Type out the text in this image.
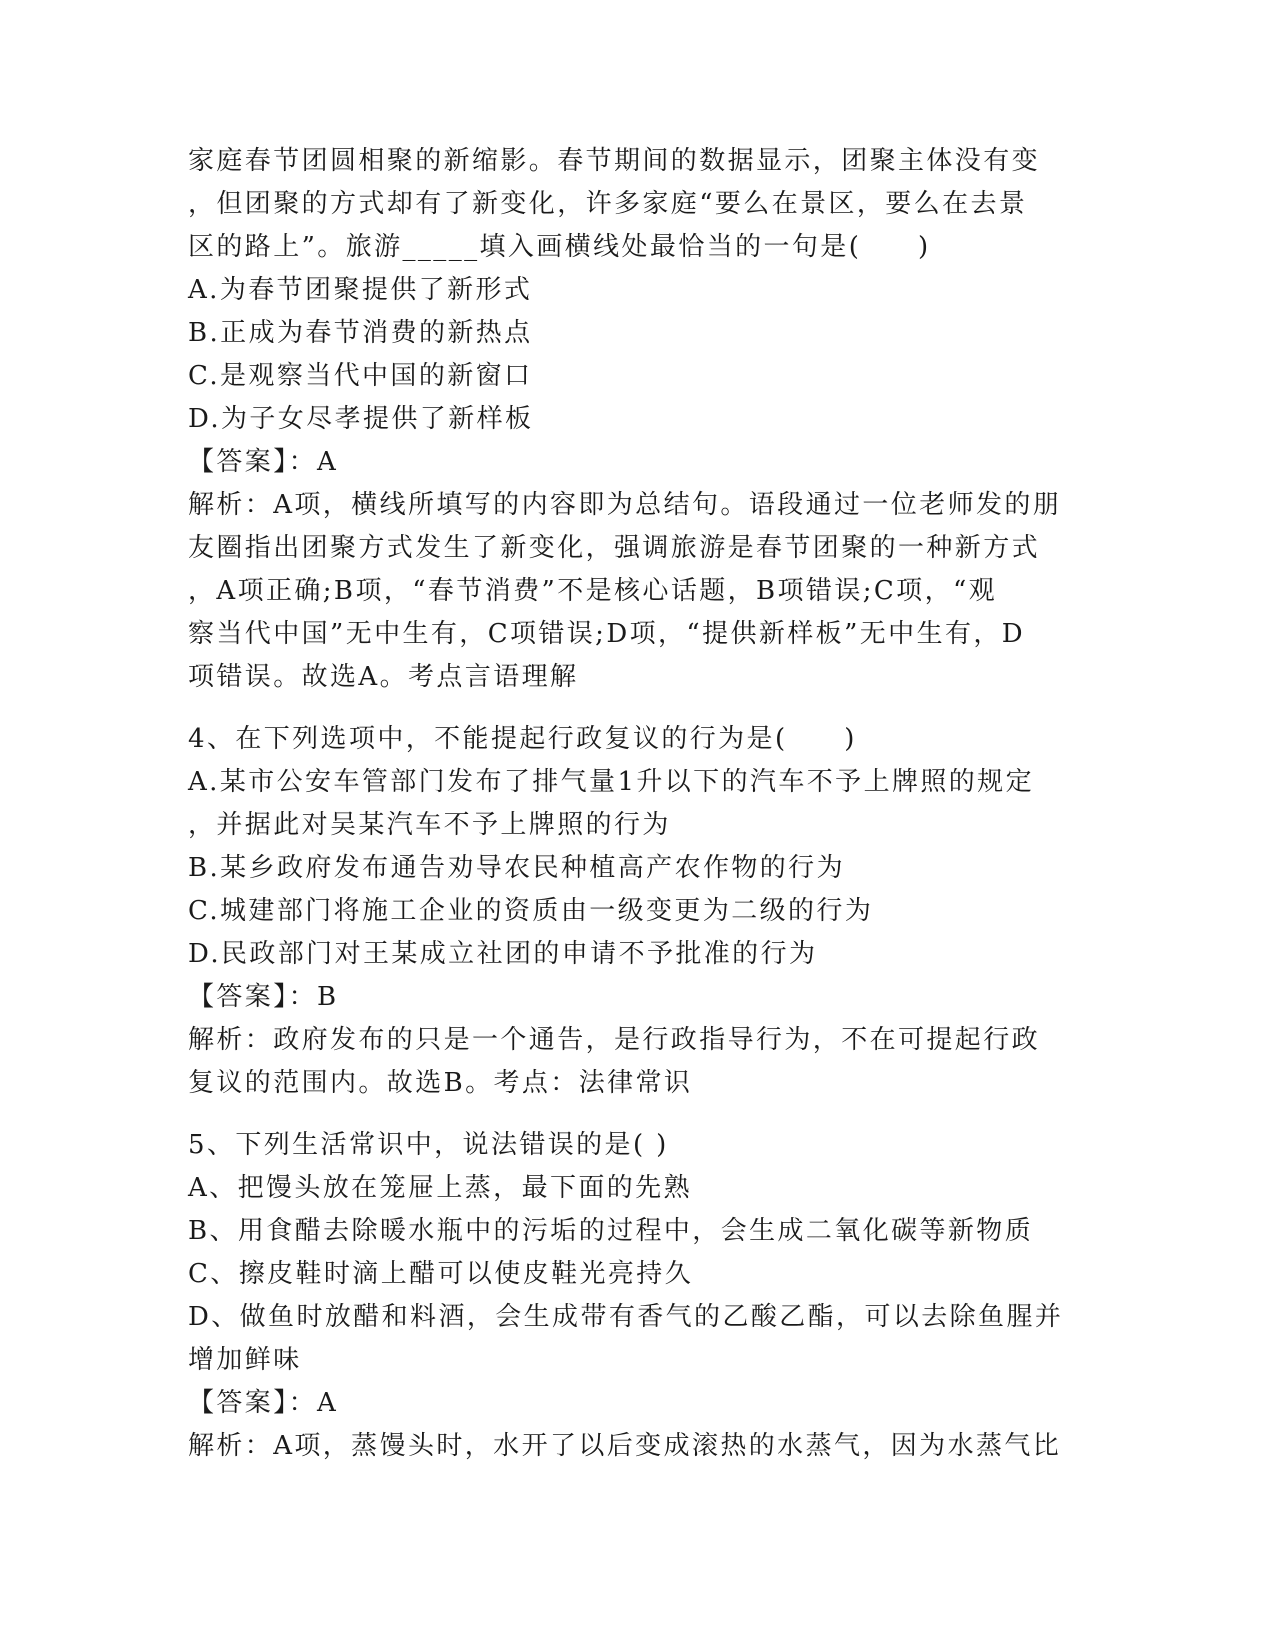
家庭春节团圆相聚的新缩影。春节期间的数据显示，团聚主体没有变
，但团聚的方式却有了新变化，许多家庭“要么在景区，要么在去景
区的路上”。旅游_____填入画横线处最恰当的一句是(　　)
A.为春节团聚提供了新形式
B.正成为春节消费的新热点
C.是观察当代中国的新窗口
D.为子女尽孝提供了新样板
【答案】：A
解析：A项，横线所填写的内容即为总结句。语段通过一位老师发的朋
友圈指出团聚方式发生了新变化，强调旅游是春节团聚的一种新方式
，A项正确;B项，“春节消费”不是核心话题，B项错误;C项，“观
察当代中国”无中生有，C项错误;D项，“提供新样板”无中生有，D
项错误。故选A。考点言语理解
4、在下列选项中，不能提起行政复议的行为是(　　)
A.某市公安车管部门发布了排气量1升以下的汽车不予上牌照的规定
，并据此对吴某汽车不予上牌照的行为
B.某乡政府发布通告劝导农民种植高产农作物的行为
C.城建部门将施工企业的资质由一级变更为二级的行为
D.民政部门对王某成立社团的申请不予批准的行为
【答案】：B
解析：政府发布的只是一个通告，是行政指导行为，不在可提起行政
复议的范围内。故选B。考点：法律常识
5、下列生活常识中，说法错误的是( )
A、把馒头放在笼屉上蒸，最下面的先熟
B、用食醋去除暖水瓶中的污垢的过程中，会生成二氧化碳等新物质
C、擦皮鞋时滴上醋可以使皮鞋光亮持久
D、做鱼时放醋和料酒，会生成带有香气的乙酸乙酯，可以去除鱼腥并
增加鲜味
【答案】：A
解析：A项，蒸馒头时，水开了以后变成滚热的水蒸气，因为水蒸气比
